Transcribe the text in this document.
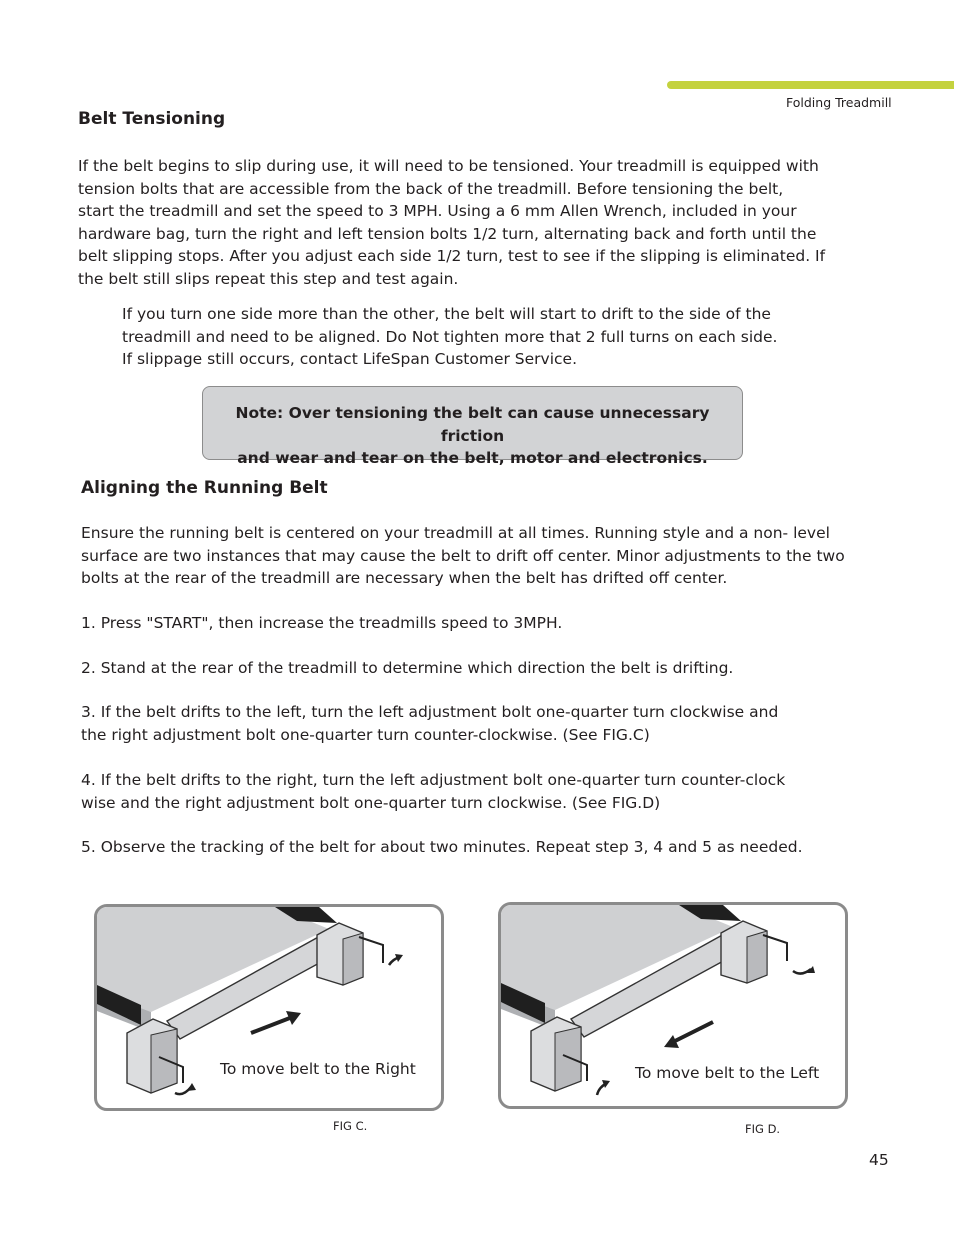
Folding Treadmill
Belt Tensioning
If the belt begins to slip during use, it will need to be tensioned. Your treadmill is equipped with
tension bolts that are accessible from the back of the treadmill. Before tensioning the belt,
start the treadmill and set the speed to 3 MPH. Using a 6 mm Allen Wrench, included in your
hardware bag, turn the right and left tension bolts 1/2 turn, alternating back and forth until the
belt slipping stops. After you adjust each side 1/2 turn, test to see if the slipping is eliminated. If
the belt still slips repeat this step and test again.
If you turn one side more than the other, the belt will start to drift to the side of the
treadmill and need to be aligned. Do Not tighten more that 2 full turns on each side.
If slippage still occurs, contact LifeSpan Customer Service.
Note: Over tensioning the belt can cause unnecessary friction
and wear and tear on the belt, motor and electronics.
Aligning the Running Belt
Ensure the running belt is centered on your treadmill at all times. Running style and a non- level
surface are two instances that may cause the belt to drift off center. Minor adjustments to the two
bolts at the rear of the treadmill are necessary when the belt has drifted off center.
1. Press "START", then increase the treadmills speed to 3MPH.
2. Stand at the rear of the treadmill to determine which direction the belt is drifting.
3. If the belt drifts to the left, turn the left adjustment bolt one-quarter turn clockwise and
the right adjustment bolt one-quarter turn counter-clockwise. (See FIG.C)
4. If the belt drifts to the right, turn the left adjustment bolt one-quarter turn counter-clock
wise and the right adjustment bolt one-quarter turn clockwise. (See FIG.D)
5. Observe the tracking of the belt for about two minutes. Repeat step 3, 4 and 5 as needed.
To move belt to the Right
FIG C.
To move belt to the Left
FIG D.
45
